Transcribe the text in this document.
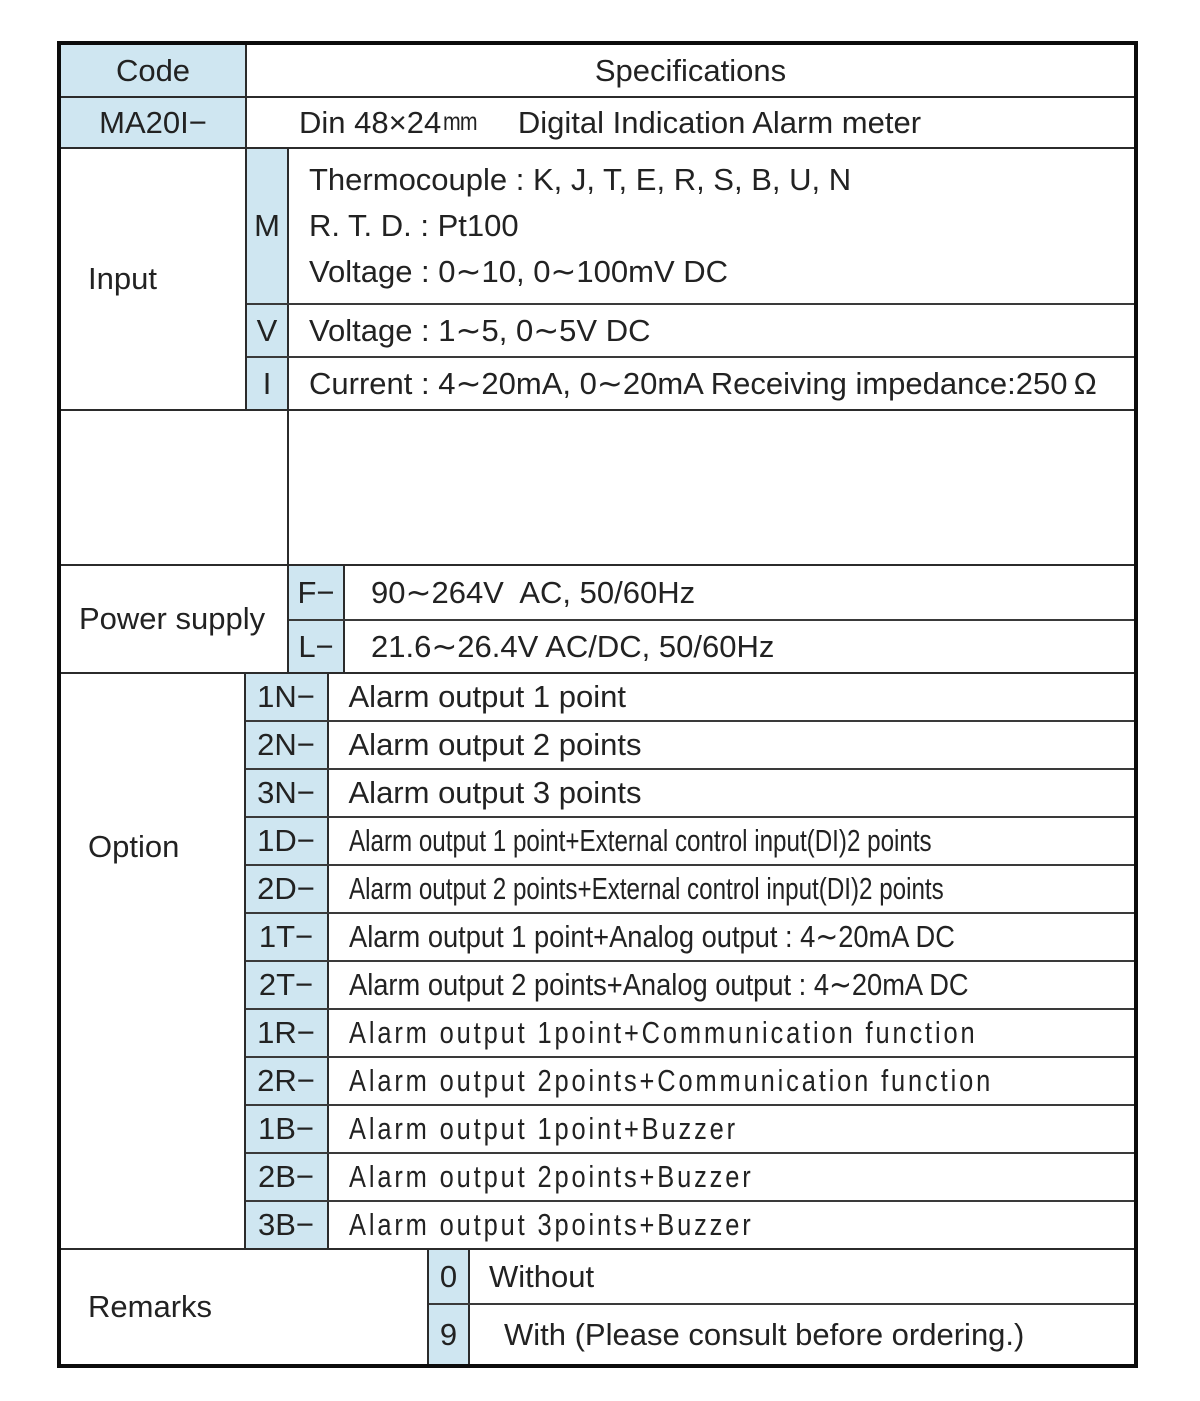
Code	Specifications
MA20I−	Din 48×24 mm Digital Indication Alarm meter
Input
M
Thermocouple : K, J, T, E, R, S, B, U, N
R. T. D. : Pt100
Voltage : 0∼10, 0∼100mV DC
V Voltage : 1∼5, 0∼5V DC
I Current : 4∼20mA, 0∼20mA Receiving impedance:250 Ω
Power supply
F− 90∼264V  AC, 50/60Hz
L− 21.6∼26.4V AC/DC, 50/60Hz
Option
1N− Alarm output 1 point
2N− Alarm output 2 points
3N− Alarm output 3 points
1D− Alarm output 1 point+External control input(DI)2 points
2D− Alarm output 2 points+External control input(DI)2 points
1T− Alarm output 1 point+Analog output : 4∼20mA DC
2T− Alarm output 2 points+Analog output : 4∼20mA DC
1R− Alarm output 1point+Communication function
2R− Alarm output 2points+Communication function
1B− Alarm output 1point+Buzzer
2B− Alarm output 2points+Buzzer
3B− Alarm output 3points+Buzzer
Remarks
0 Without
9 With (Please consult before ordering.)
